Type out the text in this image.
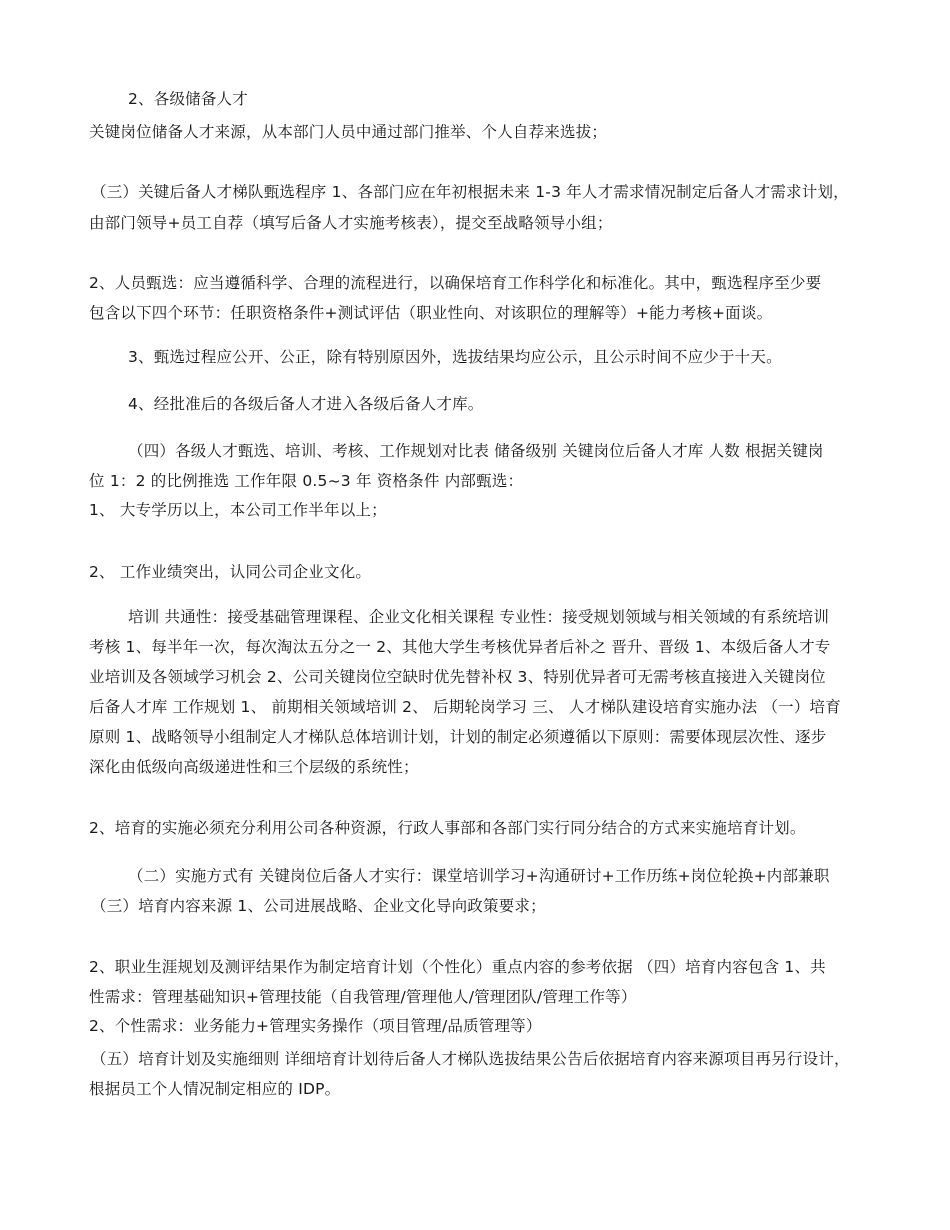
2、各级储备人才
关键岗位储备人才来源，从本部门人员中通过部门推举、个人自荐来选拔；
（三）关键后备人才梯队甄选程序 1、各部门应在年初根据未来 1-3 年人才需求情况制定后备人才需求计划，
由部门领导+员工自荐（填写后备人才实施考核表），提交至战略领导小组；
2、人员甄选：应当遵循科学、合理的流程进行，以确保培育工作科学化和标准化。其中，甄选程序至少要
包含以下四个环节：任职资格条件+测试评估（职业性向、对该职位的理解等）+能力考核+面谈。
3、甄选过程应公开、公正，除有特别原因外，选拔结果均应公示，且公示时间不应少于十天。
4、经批准后的各级后备人才进入各级后备人才库。
（四）各级人才甄选、培训、考核、工作规划对比表 储备级别 关键岗位后备人才库 人数 根据关键岗
位 1：2 的比例推选 工作年限 0.5~3 年 资格条件 内部甄选：
1、 大专学历以上，本公司工作半年以上；
2、 工作业绩突出，认同公司企业文化。
培训 共通性：接受基础管理课程、企业文化相关课程 专业性：接受规划领域与相关领域的有系统培训
考核 1、每半年一次，每次淘汰五分之一 2、其他大学生考核优异者后补之 晋升、晋级 1、本级后备人才专
业培训及各领域学习机会 2、公司关键岗位空缺时优先替补权 3、特别优异者可无需考核直接进入关键岗位
后备人才库 工作规划 1、 前期相关领域培训 2、 后期轮岗学习 三、 人才梯队建设培育实施办法 （一）培育
原则 1、战略领导小组制定人才梯队总体培训计划，计划的制定必须遵循以下原则：需要体现层次性、逐步
深化由低级向高级递进性和三个层级的系统性；
2、培育的实施必须充分利用公司各种资源，行政人事部和各部门实行同分结合的方式来实施培育计划。
（二）实施方式有 关键岗位后备人才实行：课堂培训学习+沟通研讨+工作历练+岗位轮换+内部兼职
（三）培育内容来源 1、公司进展战略、企业文化导向政策要求；
2、职业生涯规划及测评结果作为制定培育计划（个性化）重点内容的参考依据 （四）培育内容包含 1、共
性需求：管理基础知识+管理技能（自我管理/管理他人/管理团队/管理工作等）
2、个性需求：业务能力+管理实务操作（项目管理/品质管理等）
（五）培育计划及实施细则 详细培育计划待后备人才梯队选拔结果公告后依据培育内容来源项目再另行设计，
根据员工个人情况制定相应的 IDP。
